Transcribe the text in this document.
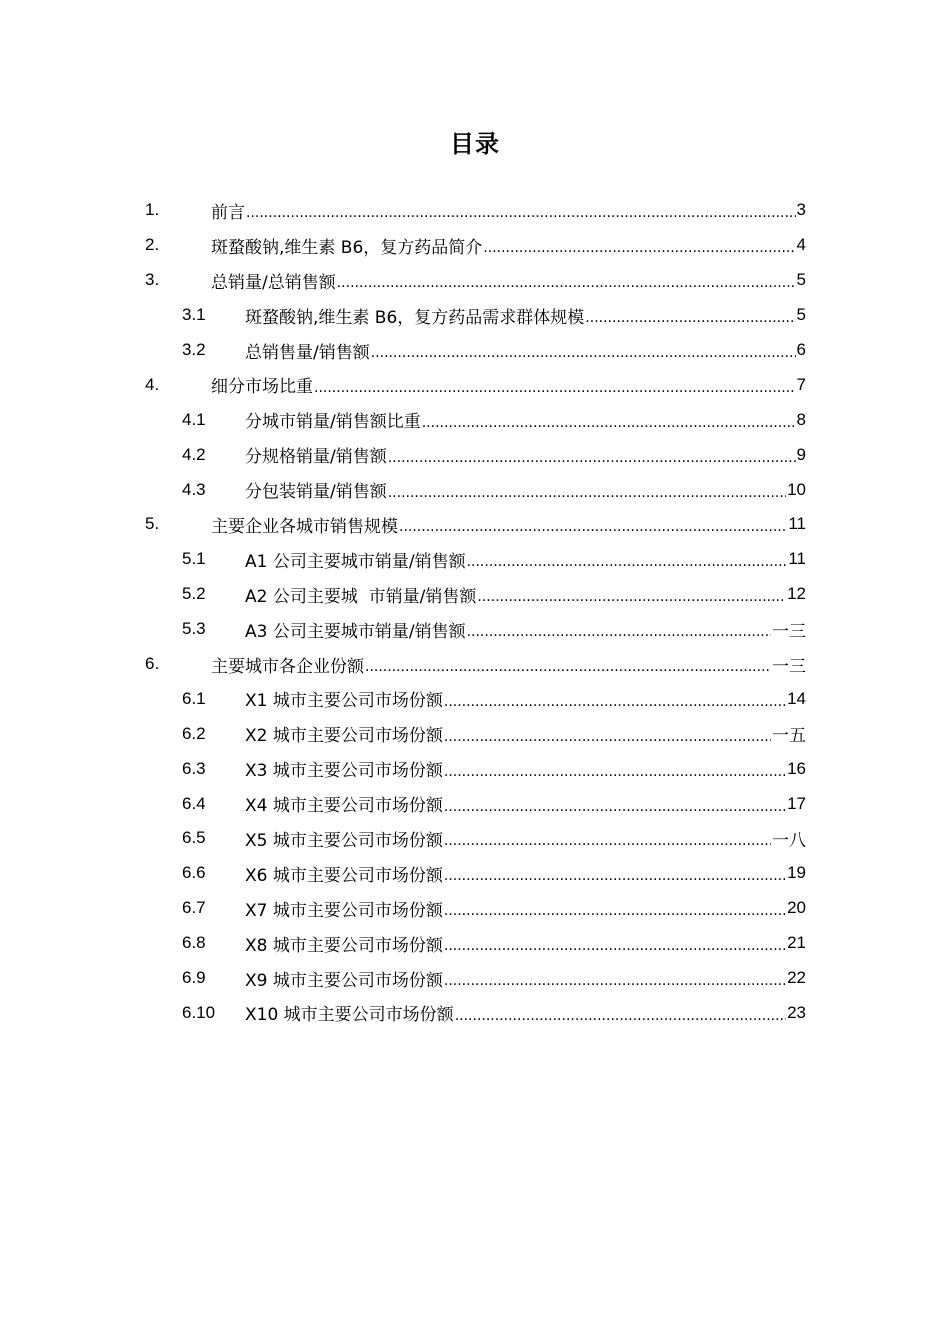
目录
1.	前言 .....	3
2.	斑蝥酸钠,维生素 B6，复方药品简介 .....	4
3.	总销量/总销售额 .....	5
3.1	斑蝥酸钠,维生素 B6，复方药品需求群体规模 .....	5
3.2	总销售量/销售额 .....	6
4.	细分市场比重 .....	7
4.1	分城市销量/销售额比重 .....	8
4.2	分规格销量/销售额 .....	9
4.3	分包装销量/销售额 .....	10
5.	主要企业各城市销售规模 .....	11
5.1	A1 公司主要城市销量/销售额 .....	11
5.2	A2 公司主要城  市销量/销售额 .....	12
5.3	A3 公司主要城市销量/销售额 .....	一三
6.	主要城市各企业份额 .....	一三
6.1	X1 城市主要公司市场份额 .....	14
6.2	X2 城市主要公司市场份额 .....	一五
6.3	X3 城市主要公司市场份额 .....	16
6.4	X4 城市主要公司市场份额 .....	17
6.5	X5 城市主要公司市场份额 .....	一八
6.6	X6 城市主要公司市场份额 .....	19
6.7	X7 城市主要公司市场份额 .....	20
6.8	X8 城市主要公司市场份额 .....	21
6.9	X9 城市主要公司市场份额 .....	22
6.10	X10 城市主要公司市场份额 .....	23
